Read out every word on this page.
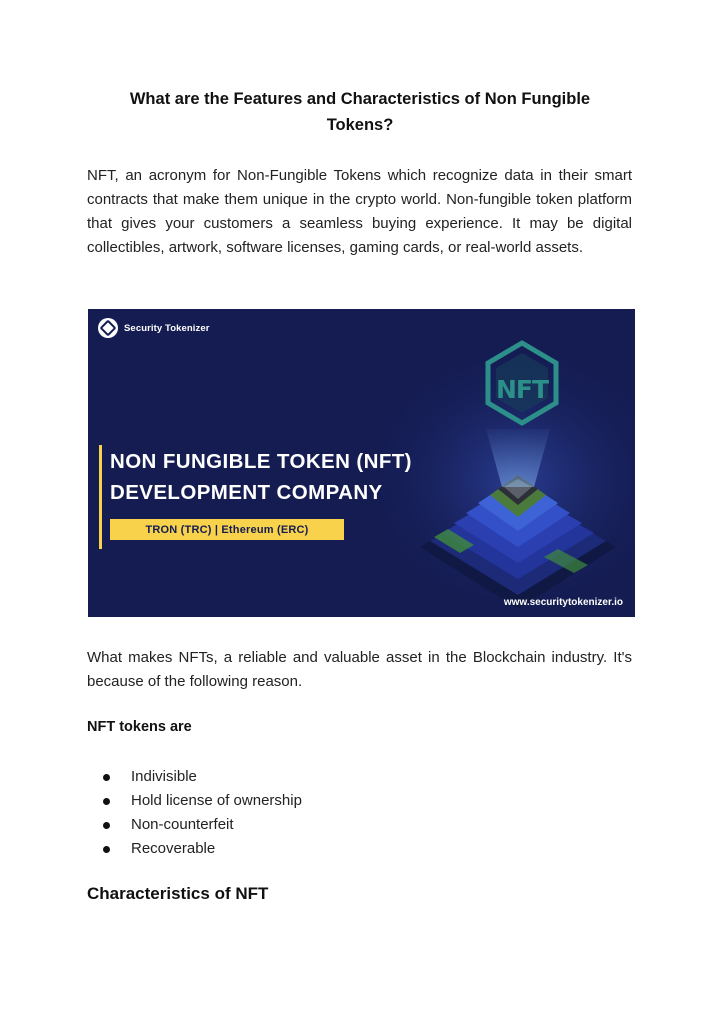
What are the Features and Characteristics of Non Fungible Tokens?
NFT, an acronym for Non-Fungible Tokens which recognize data in their smart contracts that make them unique in the crypto world. Non-fungible token platform that gives your customers a seamless buying experience. It may be digital collectibles, artwork, software licenses, gaming cards, or real-world assets.
NFT
Security Tokenizer
NON FUNGIBLE TOKEN (NFT)
DEVELOPMENT COMPANY
TRON (TRC) | Ethereum (ERC)
www.securitytokenizer.io
What makes NFTs, a reliable and valuable asset in the Blockchain industry. It's because of the following reason.
NFT tokens are
Indivisible
Hold license of ownership
Non-counterfeit
Recoverable
Characteristics of NFT
